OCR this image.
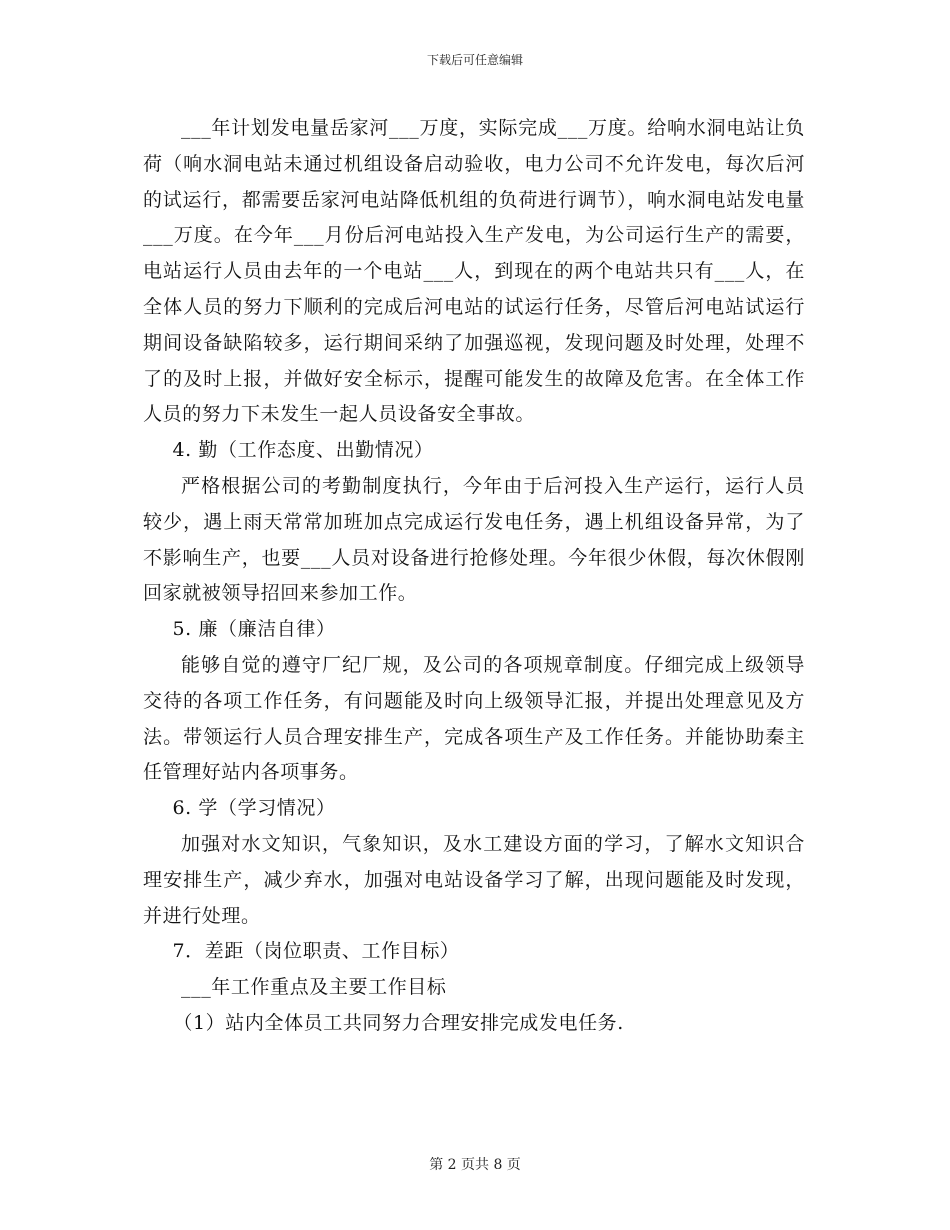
下载后可任意编辑

___年计划发电量岳家河___万度，实际完成___万度。给响水洞电站让负荷（响水洞电站未通过机组设备启动验收，电力公司不允许发电，每次后河的试运行，都需要岳家河电站降低机组的负荷进行调节），响水洞电站发电量___万度。在今年___月份后河电站投入生产发电，为公司运行生产的需要，电站运行人员由去年的一个电站___人，到现在的两个电站共只有___人，在全体人员的努力下顺利的完成后河电站的试运行任务，尽管后河电站试运行期间设备缺陷较多，运行期间采纳了加强巡视，发现问题及时处理，处理不了的及时上报，并做好安全标示，提醒可能发生的故障及危害。在全体工作人员的努力下未发生一起人员设备安全事故。

4. 勤（工作态度、出勤情况）

严格根据公司的考勤制度执行，今年由于后河投入生产运行，运行人员较少，遇上雨天常常加班加点完成运行发电任务，遇上机组设备异常，为了不影响生产，也要___人员对设备进行抢修处理。今年很少休假，每次休假刚回家就被领导招回来参加工作。

5. 廉（廉洁自律）

能够自觉的遵守厂纪厂规，及公司的各项规章制度。仔细完成上级领导交待的各项工作任务，有问题能及时向上级领导汇报，并提出处理意见及方法。带领运行人员合理安排生产，完成各项生产及工作任务。并能协助秦主任管理好站内各项事务。

6. 学（学习情况）

加强对水文知识，气象知识，及水工建设方面的学习，了解水文知识合理安排生产，减少弃水，加强对电站设备学习了解，出现问题能及时发现，并进行处理。

7．差距（岗位职责、工作目标）

___年工作重点及主要工作目标

（1）站内全体员工共同努力合理安排完成发电任务.

第 2 页共 8 页
